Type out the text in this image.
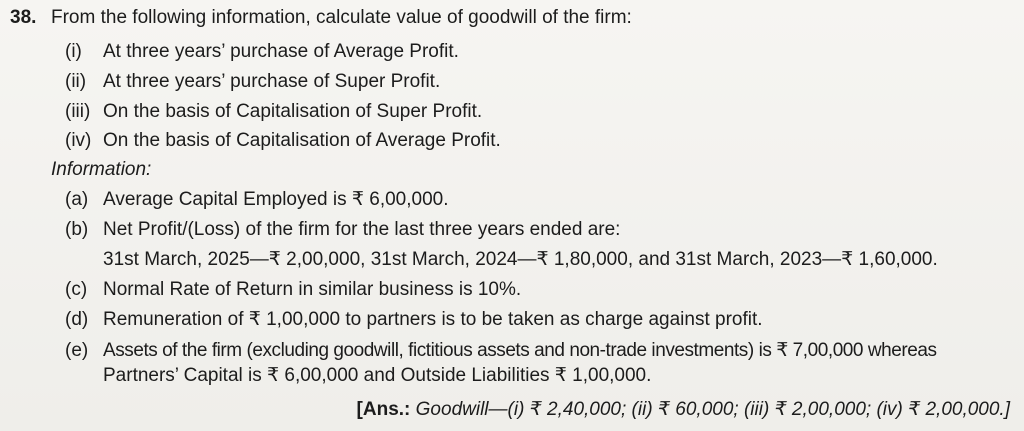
38. From the following information, calculate value of goodwill of the firm:
(i) At three years’ purchase of Average Profit.
(ii) At three years’ purchase of Super Profit.
(iii) On the basis of Capitalisation of Super Profit.
(iv) On the basis of Capitalisation of Average Profit.
Information:
(a) Average Capital Employed is ₹ 6,00,000.
(b) Net Profit/(Loss) of the firm for the last three years ended are:
31st March, 2025—₹ 2,00,000, 31st March, 2024—₹ 1,80,000, and 31st March, 2023—₹ 1,60,000.
(c) Normal Rate of Return in similar business is 10%.
(d) Remuneration of ₹ 1,00,000 to partners is to be taken as charge against profit.
(e) Assets of the firm (excluding goodwill, fictitious assets and non-trade investments) is ₹ 7,00,000 whereas
Partners’ Capital is ₹ 6,00,000 and Outside Liabilities ₹ 1,00,000.
[Ans.: Goodwill—(i) ₹ 2,40,000; (ii) ₹ 60,000; (iii) ₹ 2,00,000; (iv) ₹ 2,00,000.]
